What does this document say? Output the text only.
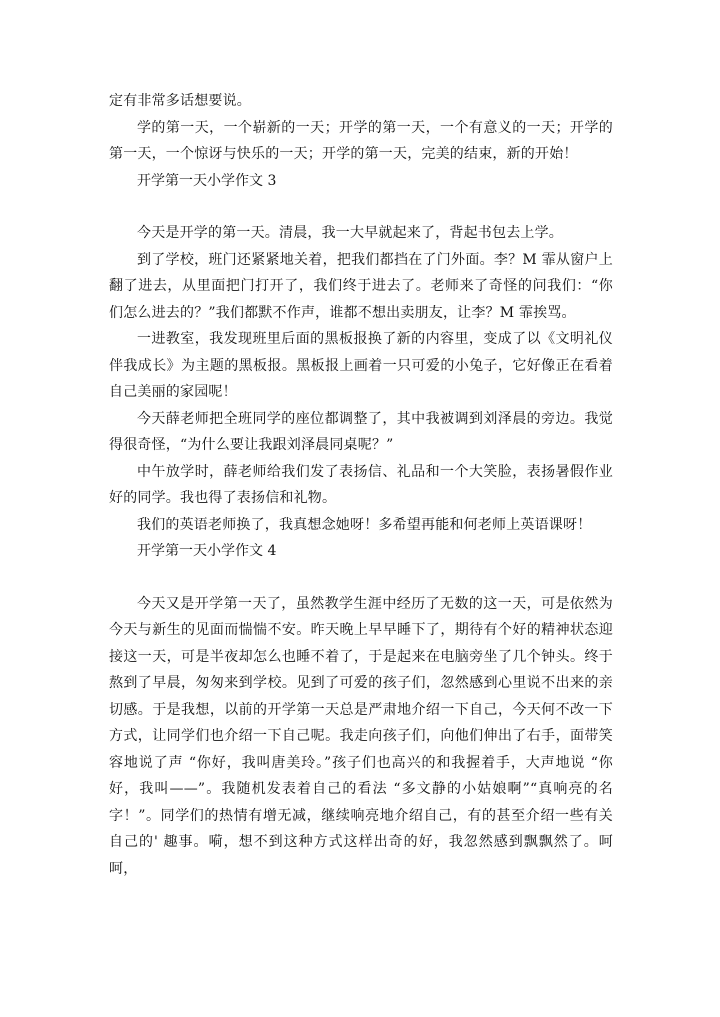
定有非常多话想要说。

学的第一天，一个崭新的一天；开学的第一天，一个有意义的一天；开学的第一天，一个惊讶与快乐的一天；开学的第一天，完美的结束，新的开始！

开学第一天小学作文 3

今天是开学的第一天。清晨，我一大早就起来了，背起书包去上学。

到了学校，班门还紧紧地关着，把我们都挡在了门外面。李？M 霏从窗户上翻了进去，从里面把门打开了，我们终于进去了。老师来了奇怪的问我们：“你们怎么进去的？”我们都默不作声，谁都不想出卖朋友，让李？M 霏挨骂。

一进教室，我发现班里后面的黑板报换了新的内容里，变成了以《文明礼仪伴我成长》为主题的黑板报。黑板报上画着一只可爱的小兔子，它好像正在看着自己美丽的家园呢！

今天薛老师把全班同学的座位都调整了，其中我被调到刘泽晨的旁边。我觉得很奇怪，“为什么要让我跟刘泽晨同桌呢？”

中午放学时，薛老师给我们发了表扬信、礼品和一个大笑脸，表扬暑假作业好的同学。我也得了表扬信和礼物。

我们的英语老师换了，我真想念她呀！多希望再能和何老师上英语课呀！

开学第一天小学作文 4

今天又是开学第一天了，虽然教学生涯中经历了无数的这一天，可是依然为今天与新生的见面而惴惴不安。昨天晚上早早睡下了，期待有个好的精神状态迎接这一天，可是半夜却怎么也睡不着了，于是起来在电脑旁坐了几个钟头。终于熬到了早晨，匆匆来到学校。见到了可爱的孩子们，忽然感到心里说不出来的亲切感。于是我想，以前的开学第一天总是严肃地介绍一下自己，今天何不改一下方式，让同学们也介绍一下自己呢。我走向孩子们，向他们伸出了右手，面带笑容地说了声 “你好，我叫唐美玲。”孩子们也高兴的和我握着手，大声地说 “你好，我叫——”。我随机发表着自己的看法 “多文静的小姑娘啊”“真响亮的名字！”。同学们的热情有增无减，继续响亮地介绍自己，有的甚至介绍一些有关自己的' 趣事。嗬，想不到这种方式这样出奇的好，我忽然感到飘飘然了。呵呵，
